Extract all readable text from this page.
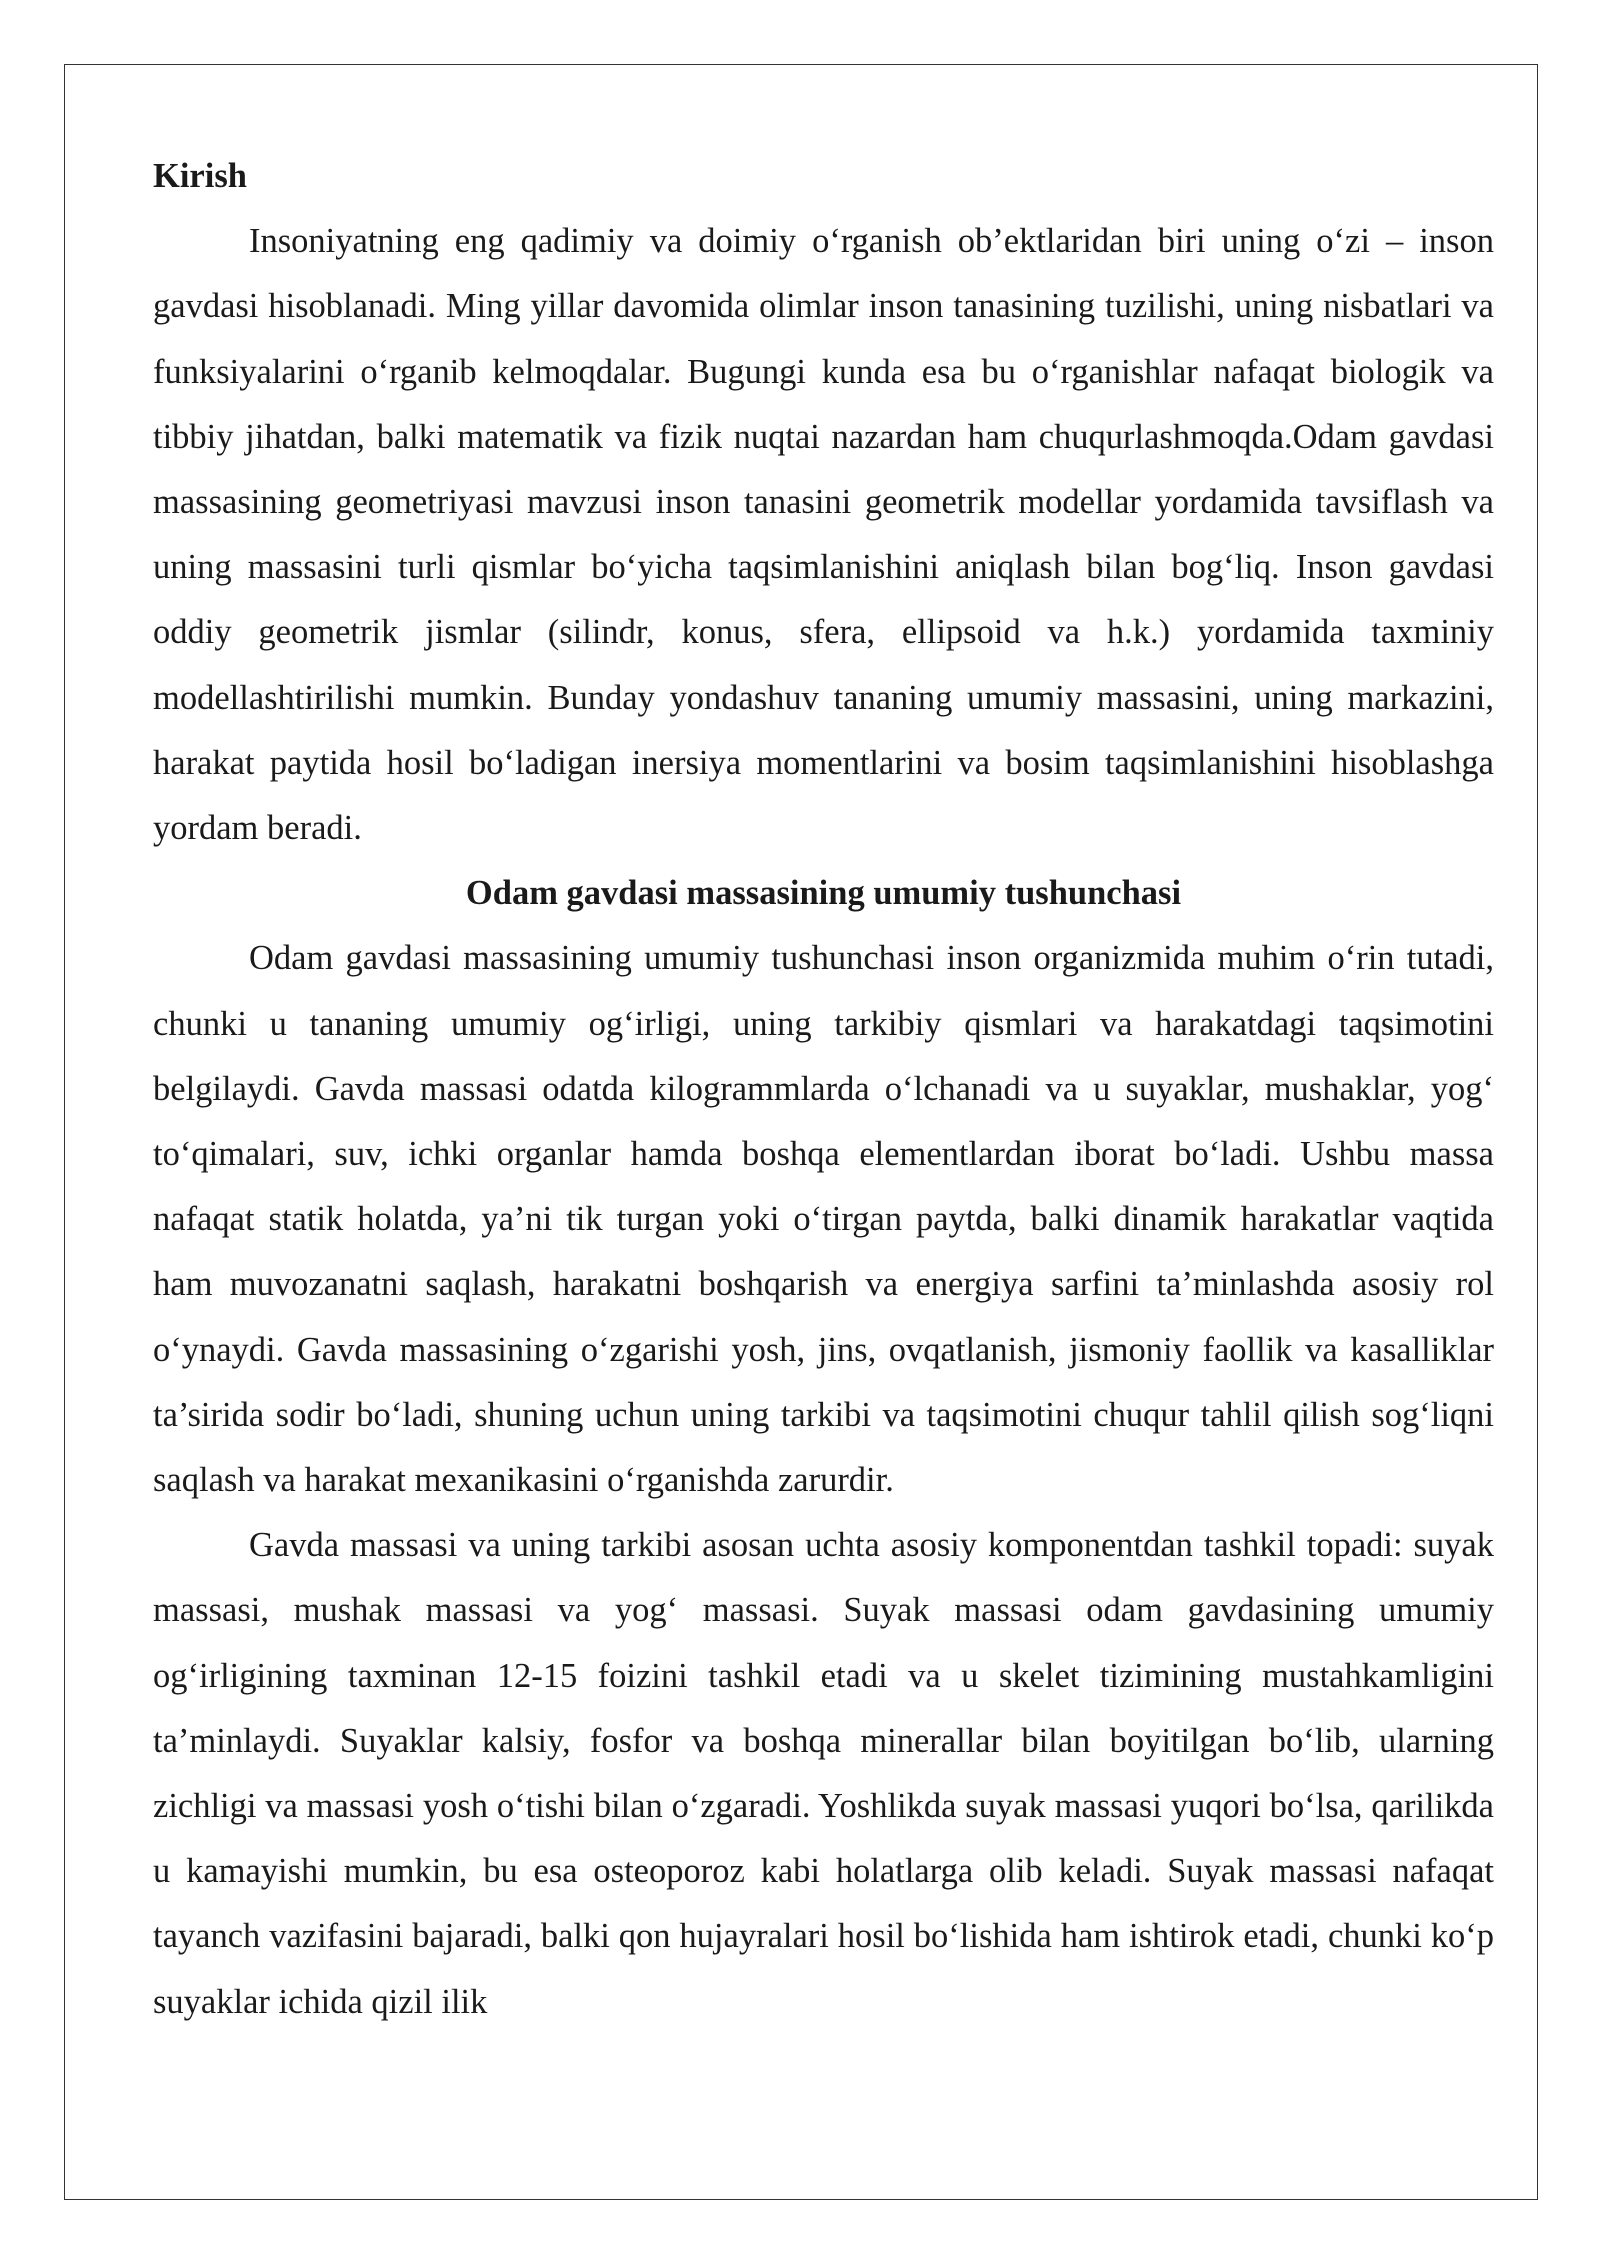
Kirish

Insoniyatning eng qadimiy va doimiy o‘rganish ob’ektlaridan biri uning o‘zi – inson gavdasi hisoblanadi. Ming yillar davomida olimlar inson tanasining tuzilishi, uning nisbatlari va funksiyalarini o‘rganib kelmoqdalar. Bugungi kunda esa bu o‘rganishlar nafaqat biologik va tibbiy jihatdan, balki matematik va fizik nuqtai nazardan ham chuqurlashmoqda.Odam gavdasi massasining geometriyasi mavzusi inson tanasini geometrik modellar yordamida tavsiflash va uning massasini turli qismlar bo‘yicha taqsimlanishini aniqlash bilan bog‘liq. Inson gavdasi oddiy geometrik jismlar (silindr, konus, sfera, ellipsoid va h.k.) yordamida taxminiy modellashtirilishi mumkin. Bunday yondashuv tananing umumiy massasini, uning markazini, harakat paytida hosil bo‘ladigan inersiya momentlarini va bosim taqsimlanishini hisoblashga yordam beradi.

Odam gavdasi massasining umumiy tushunchasi

Odam gavdasi massasining umumiy tushunchasi inson organizmida muhim o‘rin tutadi, chunki u tananing umumiy og‘irligi, uning tarkibiy qismlari va harakatdagi taqsimotini belgilaydi. Gavda massasi odatda kilogrammlarda o‘lchanadi va u suyaklar, mushaklar, yog‘ to‘qimalari, suv, ichki organlar hamda boshqa elementlardan iborat bo‘ladi. Ushbu massa nafaqat statik holatda, ya’ni tik turgan yoki o‘tirgan paytda, balki dinamik harakatlar vaqtida ham muvozanatni saqlash, harakatni boshqarish va energiya sarfini ta’minlashda asosiy rol o‘ynaydi. Gavda massasining o‘zgarishi yosh, jins, ovqatlanish, jismoniy faollik va kasalliklar ta’sirida sodir bo‘ladi, shuning uchun uning tarkibi va taqsimotini chuqur tahlil qilish sog‘liqni saqlash va harakat mexanikasini o‘rganishda zarurdir.

Gavda massasi va uning tarkibi asosan uchta asosiy komponentdan tashkil topadi: suyak massasi, mushak massasi va yog‘ massasi. Suyak massasi odam gavdasining umumiy og‘irligining taxminan 12-15 foizini tashkil etadi va u skelet tizimining mustahkamligini ta’minlaydi. Suyaklar kalsiy, fosfor va boshqa minerallar bilan boyitilgan bo‘lib, ularning zichligi va massasi yosh o‘tishi bilan o‘zgaradi. Yoshlikda suyak massasi yuqori bo‘lsa, qarilikda u kamayishi mumkin, bu esa osteoporoz kabi holatlarga olib keladi. Suyak massasi nafaqat tayanch vazifasini bajaradi, balki qon hujayralari hosil bo‘lishida ham ishtirok etadi, chunki ko‘p suyaklar ichida qizil ilik
